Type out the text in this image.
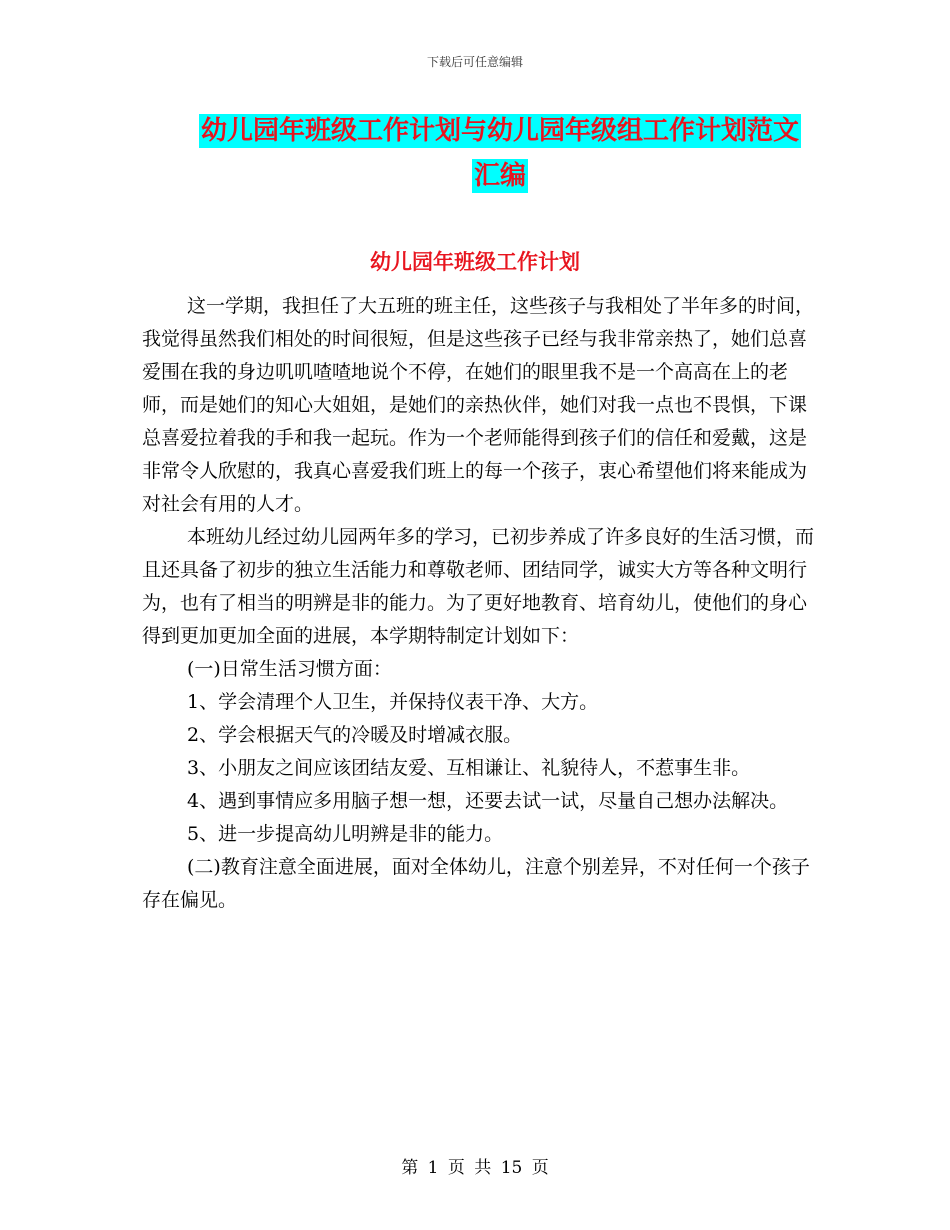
下载后可任意编辑
幼儿园年班级工作计划与幼儿园年级组工作计划范文
汇编
幼儿园年班级工作计划

这一学期，我担任了大五班的班主任，这些孩子与我相处了半年多的时间，我觉得虽然我们相处的时间很短，但是这些孩子已经与我非常亲热了，她们总喜爱围在我的身边叽叽喳喳地说个不停，在她们的眼里我不是一个高高在上的老师，而是她们的知心大姐姐，是她们的亲热伙伴，她们对我一点也不畏惧，下课总喜爱拉着我的手和我一起玩。作为一个老师能得到孩子们的信任和爱戴，这是非常令人欣慰的，我真心喜爱我们班上的每一个孩子，衷心希望他们将来能成为对社会有用的人才。

本班幼儿经过幼儿园两年多的学习，已初步养成了许多良好的生活习惯，而且还具备了初步的独立生活能力和尊敬老师、团结同学，诚实大方等各种文明行为，也有了相当的明辨是非的能力。为了更好地教育、培育幼儿，使他们的身心得到更加更加全面的进展，本学期特制定计划如下：

(一)日常生活习惯方面：

1、学会清理个人卫生，并保持仪表干净、大方。

2、学会根据天气的冷暖及时增减衣服。

3、小朋友之间应该团结友爱、互相谦让、礼貌待人，不惹事生非。

4、遇到事情应多用脑子想一想，还要去试一试，尽量自己想办法解决。

5、进一步提高幼儿明辨是非的能力。

(二)教育注意全面进展，面对全体幼儿，注意个别差异，不对任何一个孩子存在偏见。

第 1 页 共 15 页
